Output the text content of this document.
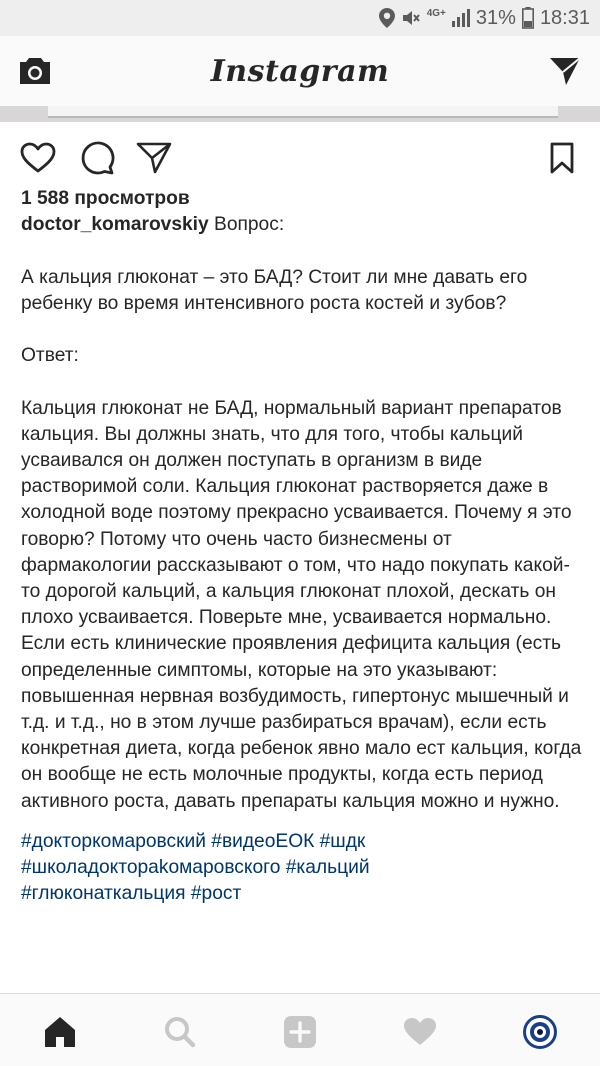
4G+ 31% 18:31
Instagram

1 588 просмотров

doctor_komarovskiy Вопрос:

А кальция глюконат – это БАД? Стоит ли мне давать его ребенку во время интенсивного роста костей и зубов?

Ответ:

Кальция глюконат не БАД, нормальный вариант препаратов кальция. Вы должны знать, что для того, чтобы кальций усваивался он должен поступать в организм в виде растворимой соли. Кальция глюконат растворяется даже в холодной воде поэтому прекрасно усваивается. Почему я это говорю? Потому что очень часто бизнесмены от фармакологии рассказывают о том, что надо покупать какой-то дорогой кальций, а кальция глюконат плохой, дескать он плохо усваивается. Поверьте мне, усваивается нормально. Если есть клинические проявления дефицита кальция (есть определенные симптомы, которые на это указывают: повышенная нервная возбудимость, гипертонус мышечный и т.д. и т.д., но в этом лучше разбираться врачам), если есть конкретная диета, когда ребенок явно мало ест кальция, когда он вообще не есть молочные продукты, когда есть период активного роста, давать препараты кальция можно и нужно.

#докторкомаровский #видеоЕОК #шдк
#школадоктораkомаровского #кальций
#глюконаткальция #рост
